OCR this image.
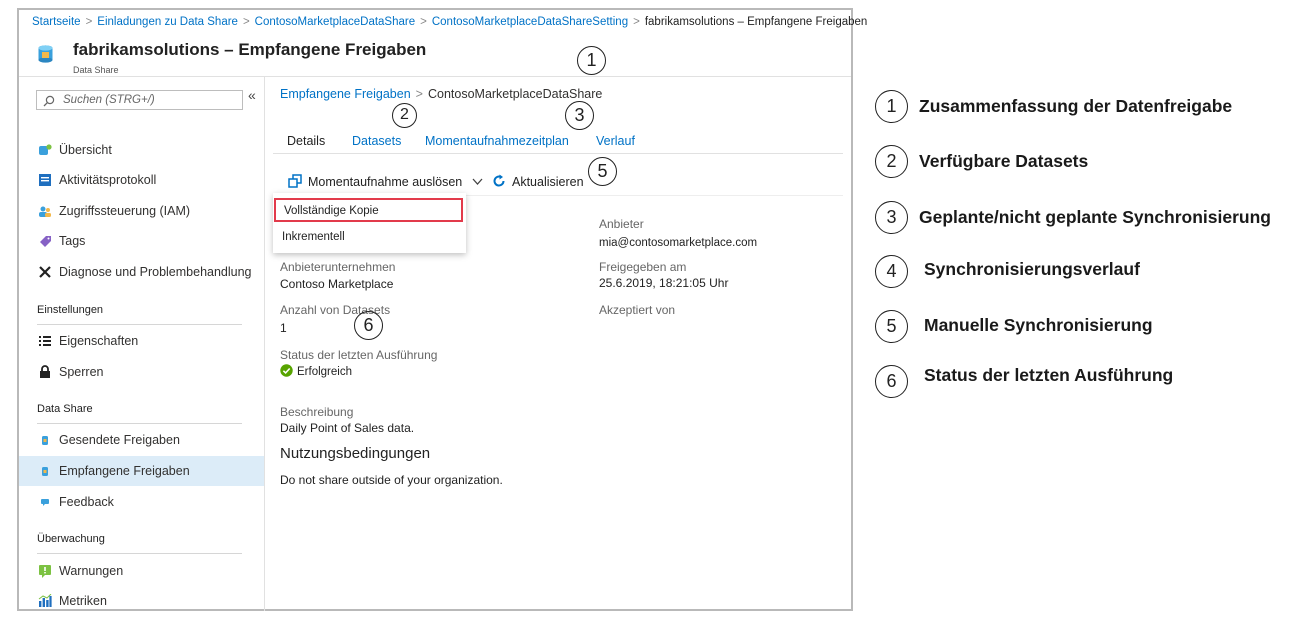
Startseite > Einladungen zu Data Share > ContosoMarketplaceDataShare > ContosoMarketplaceDataShareSetting > fabrikamsolutions – Empfangene Freigaben
fabrikamsolutions – Empfangene Freigaben
Data Share
Suchen (STRG+/)	«
Übersicht
Aktivitätsprotokoll
Zugriffssteuerung (IAM)
Tags
Diagnose und Problembehandlung
Einstellungen
Eigenschaften
Sperren
Data Share
Gesendete Freigaben
Empfangene Freigaben
Feedback
Überwachung
Warnungen
Metriken
Empfangene Freigaben > ContosoMarketplaceDataShare
Details Datasets Momentaufnahmezeitplan Verlauf
Momentaufnahme auslösen	Aktualisieren
Anbieter
mia@contosomarketplace.com
Anbieterunternehmen
Contoso Marketplace
Freigegeben am
25.6.2019, 18:21:05 Uhr
Anzahl von Datasets
1
Akzeptiert von
Status der letzten Ausführung
Erfolgreich
Beschreibung
Daily Point of Sales data.
Nutzungsbedingungen
Do not share outside of your organization.
Vollständige Kopie
Inkrementell
1
2	3
5
6
1	Zusammenfassung der Datenfreigabe
2	Verfügbare Datasets
3	Geplante/nicht geplante Synchronisierung
4	Synchronisierungsverlauf
5	Manuelle Synchronisierung
6	Status der letzten Ausführung
